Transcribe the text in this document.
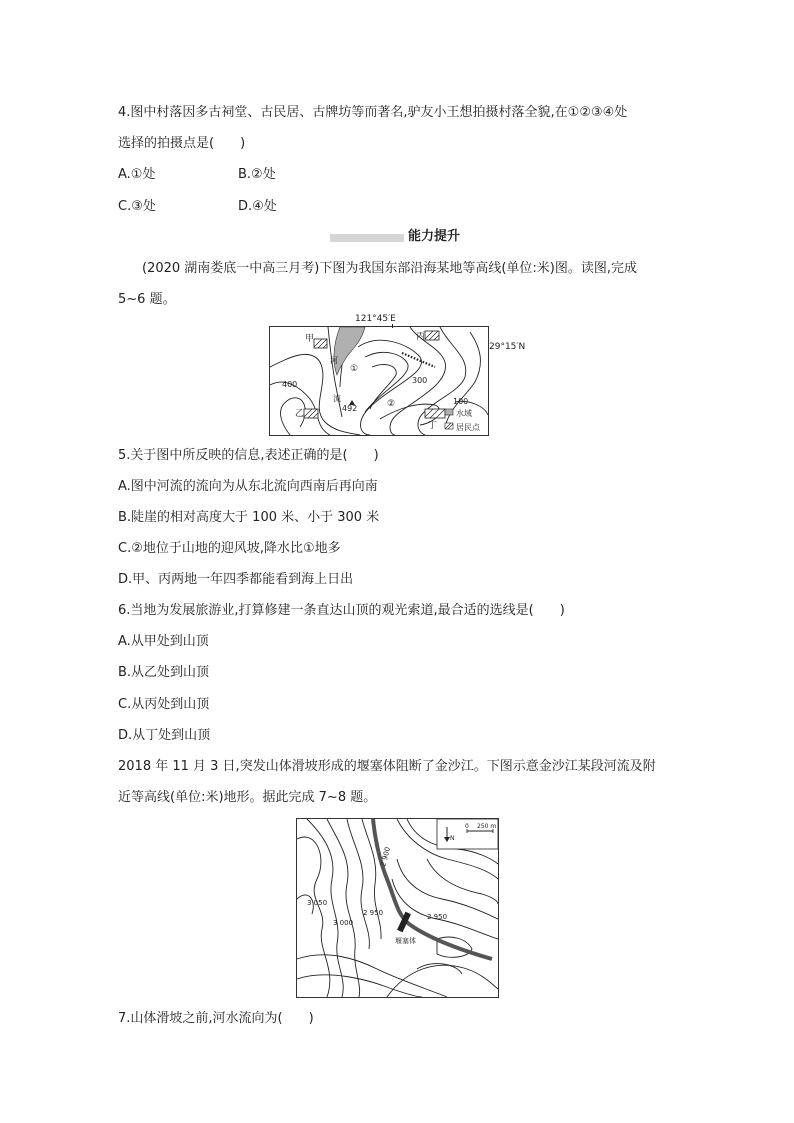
4.图中村落因多古祠堂、古民居、古牌坊等而著名,驴友小王想拍摄村落全貌,在①②③④处
选择的拍摄点是(　　)
A.①处	B.②处
C.③处	D.④处
能力提升
(2020 湖南娄底一中高三月考)下图为我国东部沿海某地等高线(单位:米)图。读图,完成
5~6 题。
甲
乙
丙
丁
河
流
①
②
400	300
100
492
水域
居民点
121°45′E
29°15′N
5.关于图中所反映的信息,表述正确的是(　　)
A.图中河流的流向为从东北流向西南后再向南
B.陡崖的相对高度大于 100 米、小于 300 米
C.②地位于山地的迎风坡,降水比①地多
D.甲、丙两地一年四季都能看到海上日出
6.当地为发展旅游业,打算修建一条直达山顶的观光索道,最合适的选线是(　　)
A.从甲处到山顶
B.从乙处到山顶
C.从丙处到山顶
D.从丁处到山顶
2018 年 11 月 3 日,突发山体滑坡形成的堰塞体阻断了金沙江。下图示意金沙江某段河流及附
近等高线(单位:米)地形。据此完成 7~8 题。
N
0 250 m
3 050
3 000
2 950	2 950
2 900
堰塞体
7.山体滑坡之前,河水流向为(　　)
